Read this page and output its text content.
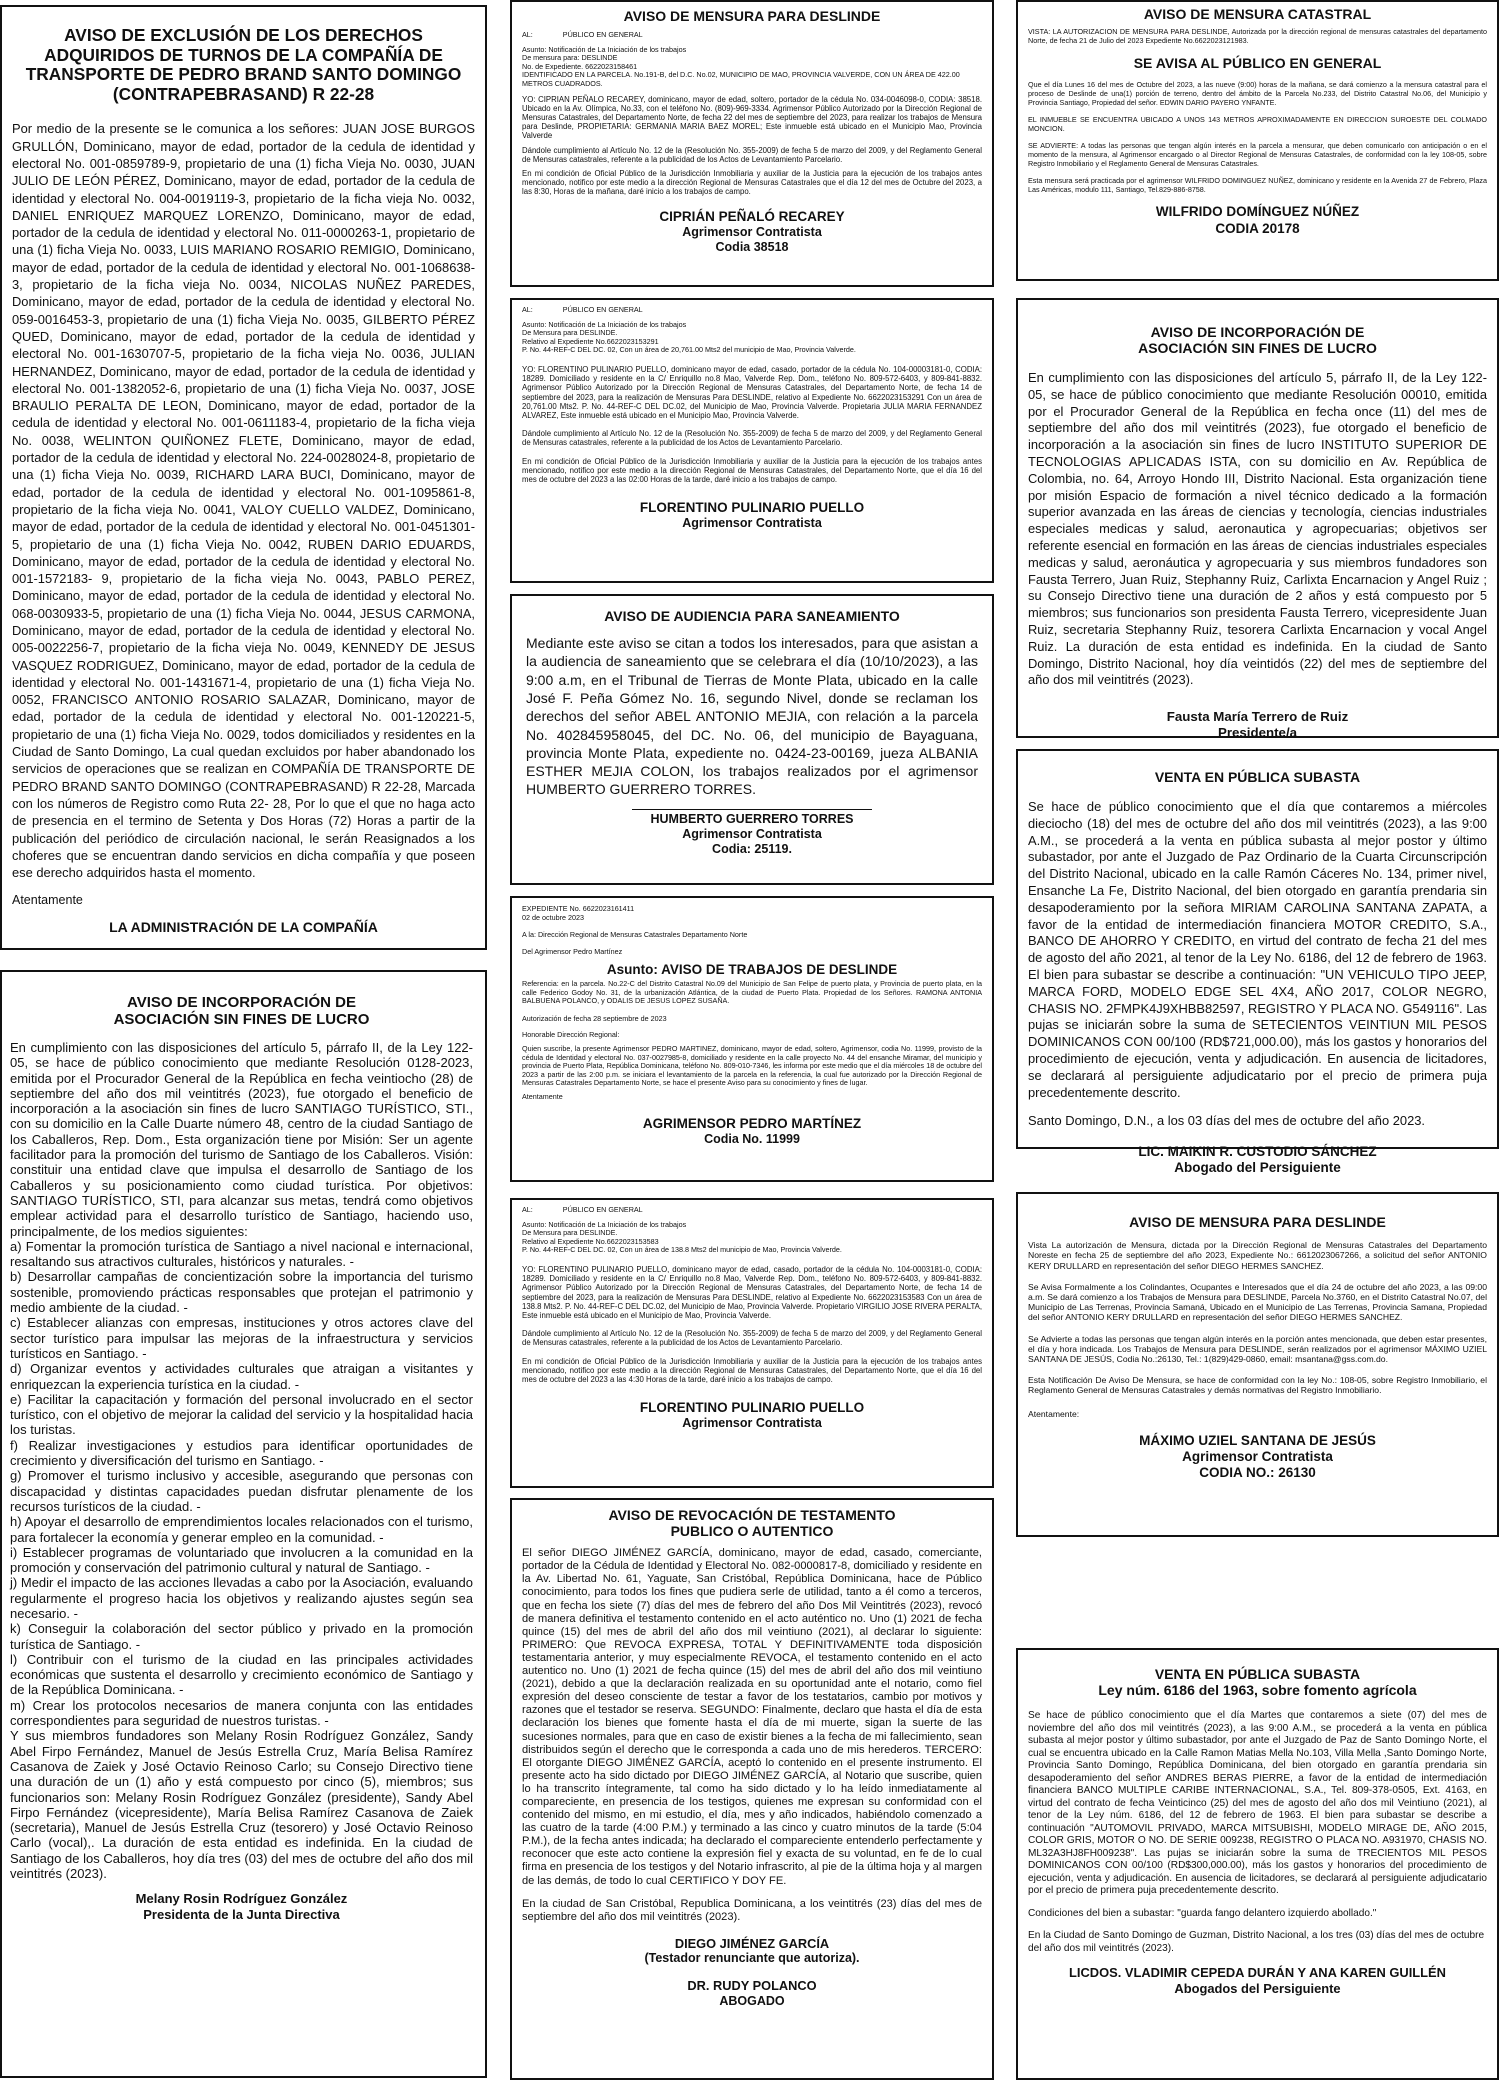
AVISO DE EXCLUSIÓN DE LOS DERECHOS ADQUIRIDOS DE TURNOS DE LA COMPAÑÍA DE TRANSPORTE DE PEDRO BRAND SANTO DOMINGO (CONTRAPEBRASAND) R 22-28
Por medio de la presente se le comunica a los señores: JUAN JOSE BURGOS GRULLÓN, Dominicano, mayor de edad, portador de la cedula de identidad y electoral No. 001-0859789-9, propietario de una (1) ficha Vieja No. 0030, JUAN JULIO DE LEÓN PÉREZ, Dominicano, mayor de edad, portador de la cedula de identidad y electoral No. 004-0019119-3, propietario de la ficha vieja No. 0032, DANIEL ENRIQUEZ MARQUEZ LORENZO, Dominicano, mayor de edad, portador de la cedula de identidad y electoral No. 011-0000263-1, propietario de una (1) ficha Vieja No. 0033, LUIS MARIANO ROSARIO REMIGIO, Dominicano, mayor de edad, portador de la cedula de identidad y electoral No. 001-1068638-3, propietario de la ficha vieja No. 0034, NICOLAS NUÑEZ PAREDES, Dominicano, mayor de edad, portador de la cedula de identidad y electoral No. 059-0016453-3, propietario de una (1) ficha Vieja No. 0035, GILBERTO PÉREZ QUED, Dominicano, mayor de edad, portador de la cedula de identidad y electoral No. 001-1630707-5, propietario de la ficha vieja No. 0036, JULIAN HERNANDEZ, Dominicano, mayor de edad, portador de la cedula de identidad y electoral No. 001-1382052-6, propietario de una (1) ficha Vieja No. 0037, JOSE BRAULIO PERALTA DE LEON, Dominicano, mayor de edad, portador de la cedula de identidad y electoral No. 001-0611183-4, propietario de la ficha vieja No. 0038, WELINTON QUIÑONEZ FLETE, Dominicano, mayor de edad, portador de la cedula de identidad y electoral No. 224-0028024-8, propietario de una (1) ficha Vieja No. 0039, RICHARD LARA BUCI, Dominicano, mayor de edad, portador de la cedula de identidad y electoral No. 001-1095861-8, propietario de la ficha vieja No. 0041, VALOY CUELLO VALDEZ, Dominicano, mayor de edad, portador de la cedula de identidad y electoral No. 001-0451301-5, propietario de una (1) ficha Vieja No. 0042, RUBEN DARIO EDUARDS, Dominicano, mayor de edad, portador de la cedula de identidad y electoral No. 001-1572183- 9, propietario de la ficha vieja No. 0043, PABLO PEREZ, Dominicano, mayor de edad, portador de la cedula de identidad y electoral No. 068-0030933-5, propietario de una (1) ficha Vieja No. 0044, JESUS CARMONA, Dominicano, mayor de edad, portador de la cedula de identidad y electoral No. 005-0022256-7, propietario de la ficha vieja No. 0049, KENNEDY DE JESUS VASQUEZ RODRIGUEZ, Dominicano, mayor de edad, portador de la cedula de identidad y electoral No. 001-1431671-4, propietario de una (1) ficha Vieja No. 0052, FRANCISCO ANTONIO ROSARIO SALAZAR, Dominicano, mayor de edad, portador de la cedula de identidad y electoral No. 001-120221-5, propietario de una (1) ficha Vieja No. 0029, todos domiciliados y residentes en la Ciudad de Santo Domingo, La cual quedan excluidos por haber abandonado los servicios de operaciones que se realizan en COMPAÑÍA DE TRANSPORTE DE PEDRO BRAND SANTO DOMINGO (CONTRAPEBRASAND) R 22-28, Marcada con los números de Registro como Ruta 22- 28, Por lo que el que no haga acto de presencia en el termino de Setenta y Dos Horas (72) Horas a partir de la publicación del periódico de circulación nacional, le serán Reasignados a los choferes que se encuentran dando servicios en dicha compañía y que poseen ese derecho adquiridos hasta el momento.
Atentamente
LA ADMINISTRACIÓN DE LA COMPAÑÍA
AVISO DE INCORPORACIÓN DE ASOCIACIÓN SIN FINES DE LUCRO
En cumplimiento con las disposiciones del artículo 5, párrafo II, de la Ley 122-05, se hace de público conocimiento que mediante Resolución 0128-2023, emitida por el Procurador General de la República en fecha veintiocho (28) de septiembre del año dos mil veintitrés (2023), fue otorgado el beneficio de incorporación a la asociación sin fines de lucro SANTIAGO TURÍSTICO, STI., con su domicilio en la Calle Duarte número 48, centro de la ciudad Santiago de los Caballeros, Rep. Dom., Esta organización tiene por Misión: Ser un agente facilitador para la promoción del turismo de Santiago de los Caballeros. Visión: constituir una entidad clave que impulsa el desarrollo de Santiago de los Caballeros y su posicionamiento como ciudad turística. Por objetivos: SANTIAGO TURÍSTICO, STI, para alcanzar sus metas, tendrá como objetivos emplear actividad para el desarrollo turístico de Santiago, haciendo uso, principalmente, de los medios siguientes:
a) Fomentar la promoción turística de Santiago a nivel nacional e internacional, resaltando sus atractivos culturales, históricos y naturales. -
b) Desarrollar campañas de concientización sobre la importancia del turismo sostenible, promoviendo prácticas responsables que protejan el patrimonio y medio ambiente de la ciudad. -
c) Establecer alianzas con empresas, instituciones y otros actores clave del sector turístico para impulsar las mejoras de la infraestructura y servicios turísticos en Santiago. -
d) Organizar eventos y actividades culturales que atraigan a visitantes y enriquezcan la experiencia turística en la ciudad. -
e) Facilitar la capacitación y formación del personal involucrado en el sector turístico, con el objetivo de mejorar la calidad del servicio y la hospitalidad hacia los turistas.
f) Realizar investigaciones y estudios para identificar oportunidades de crecimiento y diversificación del turismo en Santiago. -
g) Promover el turismo inclusivo y accesible, asegurando que personas con discapacidad y distintas capacidades puedan disfrutar plenamente de los recursos turísticos de la ciudad. -
h) Apoyar el desarrollo de emprendimientos locales relacionados con el turismo, para fortalecer la economía y generar empleo en la comunidad. -
i) Establecer programas de voluntariado que involucren a la comunidad en la promoción y conservación del patrimonio cultural y natural de Santiago. -
j) Medir el impacto de las acciones llevadas a cabo por la Asociación, evaluando regularmente el progreso hacia los objetivos y realizando ajustes según sea necesario. -
k) Conseguir la colaboración del sector público y privado en la promoción turística de Santiago. -
l) Contribuir con el turismo de la ciudad en las principales actividades económicas que sustenta el desarrollo y crecimiento económico de Santiago y de la República Dominicana. -
m) Crear los protocolos necesarios de manera conjunta con las entidades correspondientes para seguridad de nuestros turistas. -
Y sus miembros fundadores son Melany Rosin Rodríguez González, Sandy Abel Firpo Fernández, Manuel de Jesús Estrella Cruz, María Belisa Ramírez Casanova de Zaiek y José Octavio Reinoso Carlo; su Consejo Directivo tiene una duración de un (1) año y está compuesto por cinco (5), miembros; sus funcionarios son: Melany Rosin Rodríguez González (presidente), Sandy Abel Firpo Fernández (vicepresidente), María Belisa Ramírez Casanova de Zaiek (secretaria), Manuel de Jesús Estrella Cruz (tesorero) y José Octavio Reinoso Carlo (vocal),. La duración de esta entidad es indefinida. En la ciudad de Santiago de los Caballeros, hoy día tres (03) del mes de octubre del año dos mil veintitrés (2023).
Melany Rosin Rodríguez González
Presidenta de la Junta Directiva
AVISO DE MENSURA PARA DESLINDE
AL:	PÚBLICO EN GENERAL
Asunto: Notificación de La Iniciación de los trabajos
De mensura para: DESLINDE
No. de Expediente. 6622023158461
IDENTIFICADO EN LA PARCELA. No.191-B, del D.C. No.02, MUNICIPIO DE MAO, PROVINCIA VALVERDE, CON UN ÁREA DE 422.00 METROS CUADRADOS.
YO: CIPRIAN PEÑALO RECAREY, dominicano, mayor de edad, soltero, portador de la cédula No. 034-0046098-0, CODIA: 38518. Ubicado en la Av. Olímpica, No.33, con el teléfono No. (809)-969-3334. Agrimensor Público Autorizado por la Dirección Regional de Mensuras Catastrales, del Departamento Norte, de fecha 22 del mes de septiembre del 2023, para realizar los trabajos de Mensura para Deslinde, PROPIETARIA: GERMANIA MARIA BAEZ MOREL; Este inmueble está ubicado en el Municipio Mao, Provincia Valverde
Dándole cumplimiento al Artículo No. 12 de la (Resolución No. 355-2009) de fecha 5 de marzo del 2009, y del Reglamento General de Mensuras catastrales, referente a la publicidad de los Actos de Levantamiento Parcelario.
En mi condición de Oficial Público de la Jurisdicción Inmobiliaria y auxiliar de la Justicia para la ejecución de los trabajos antes mencionado, notifico por este medio a la dirección Regional de Mensuras Catastrales que el día 12 del mes de Octubre del 2023, a las 8:30, Horas de la mañana, daré inicio a los trabajos de campo.
CIPRIÁN PEÑALÓ RECAREY
Agrimensor Contratista
Codia 38518
AL:	PÚBLICO EN GENERAL
Asunto: Notificación de La Iniciación de los trabajos
De Mensura para DESLINDE.
Relativo al Expediente No.6622023153291
P. No. 44-REF-C DEL DC. 02, Con un área de 20,761.00 Mts2 del municipio de Mao, Provincia Valverde.
YO: FLORENTINO PULINARIO PUELLO, dominicano mayor de edad, casado, portador de la cédula No. 104-00003181-0, CODIA: 18289. Domiciliado y residente en la C/ Enriquillo no.8 Mao, Valverde Rep. Dom., teléfono No. 809-572-6403, y 809-841-8832. Agrimensor Público Autorizado por la Dirección Regional de Mensuras Catastrales, del Departamento Norte, de fecha 14 de septiembre del 2023, para la realización de Mensuras Para DESLINDE, relativo al Expediente No. 6622023153291 Con un área de 20,761.00 Mts2. P. No. 44-REF-C DEL DC.02, del Municipio de Mao, Provincia Valverde. Propietaria JULIA MARIA FERNANDEZ ALVAREZ, Este inmueble está ubicado en el Municipio Mao, Provincia Valverde.
Dándole cumplimiento al Artículo No. 12 de la (Resolución No. 355-2009) de fecha 5 de marzo del 2009, y del Reglamento General de Mensuras catastrales, referente a la publicidad de los Actos de Levantamiento Parcelario.
En mi condición de Oficial Público de la Jurisdicción Inmobiliaria y auxiliar de la Justicia para la ejecución de los trabajos antes mencionado, notifico por este medio a la dirección Regional de Mensuras Catastrales, del Departamento Norte, que el día 16 del mes de octubre del 2023 a las 02:00 Horas de la tarde, daré inicio a los trabajos de campo.
FLORENTINO PULINARIO PUELLO
Agrimensor Contratista
AVISO DE AUDIENCIA PARA SANEAMIENTO
Mediante este aviso se citan a todos los interesados, para que asistan a la audiencia de saneamiento que se celebrara el día (10/10/2023), a las 9:00 a.m, en el Tribunal de Tierras de Monte Plata, ubicado en la calle José F. Peña Gómez No. 16, segundo Nivel, donde se reclaman los derechos del señor ABEL ANTONIO MEJIA, con relación a la parcela No. 402845958045, del DC. No. 06, del municipio de Bayaguana, provincia Monte Plata, expediente no. 0424-23-00169, jueza ALBANIA ESTHER MEJIA COLON, los trabajos realizados por el agrimensor HUMBERTO GUERRERO TORRES.
HUMBERTO GUERRERO TORRES
Agrimensor Contratista
Codia: 25119.
EXPEDIENTE No. 6622023161411
02 de octubre 2023

A la: Dirección Regional de Mensuras Catastrales Departamento Norte

Del Agrimensor Pedro Martínez
Asunto: AVISO DE TRABAJOS DE DESLINDE
Referencia: en la parcela. No.22-C del Distrito Catastral No.09 del Municipio de San Felipe de puerto plata, y Provincia de puerto plata, en la calle Federico Godoy No. 31, de la urbanización Atlántica, de la ciudad de Puerto Plata. Propiedad de los Señores. RAMONA ANTONIA BALBUENA POLANCO, y ODALIS DE JESUS LOPEZ SUSAÑA.
Autorización de fecha 28 septiembre de 2023
Honorable Dirección Regional:
Quien suscribe, la presente Agrimensor PEDRO MARTINEZ, dominicano, mayor de edad, soltero, Agrimensor, codia No. 11999, provisto de la cédula de Identidad y electoral No. 037-0027985-8, domiciliado y residente en la calle proyecto No. 44 del ensanche Miramar, del municipio y provincia de Puerto Plata, República Dominicana, teléfono No. 809-010-7346, les informa por este medio que el día miércoles 18 de octubre del 2023 a partir de las 2:00 p.m. se iniciara el levantamiento de la parcela en la referencia, la cual fue autorizado por la Dirección Regional de Mensuras Catastrales Departamento Norte, se hace el presente Aviso para su conocimiento y fines de lugar.
Atentamente
AGRIMENSOR PEDRO MARTÍNEZ
Codia No. 11999
AL:	PÚBLICO EN GENERAL
Asunto: Notificación de La Iniciación de los trabajos
De Mensura para DESLINDE.
Relativo al Expediente No.6622023153583
P. No. 44-REF-C DEL DC. 02, Con un área de 138.8 Mts2 del municipio de Mao, Provincia Valverde.
YO: FLORENTINO PULINARIO PUELLO, dominicano mayor de edad, casado, portador de la cédula No. 104-0003181-0, CODIA: 18289. Domiciliado y residente en la C/ Enriquillo no.8 Mao, Valverde Rep. Dom., teléfono No. 809-572-6403, y 809-841-8832. Agrimensor Público Autorizado por la Dirección Regional de Mensuras Catastrales, del Departamento Norte, de fecha 14 de septiembre del 2023, para la realización de Mensuras Para DESLINDE, relativo al Expediente No. 6622023153583 Con un área de 138.8 Mts2. P. No. 44-REF-C DEL DC.02, del Municipio de Mao, Provincia Valverde. Propietario VIRGILIO JOSE RIVERA PERALTA, Este inmueble está ubicado en el Municipio de Mao, Provincia Valverde.
Dándole cumplimiento al Artículo No. 12 de la (Resolución No. 355-2009) de fecha 5 de marzo del 2009, y del Reglamento General de Mensuras catastrales, referente a la publicidad de los Actos de Levantamiento Parcelario.
En mi condición de Oficial Público de la Jurisdicción Inmobiliaria y auxiliar de la Justicia para la ejecución de los trabajos antes mencionado, notifico por este medio a la dirección Regional de Mensuras Catastrales, del Departamento Norte, que el día 16 del mes de octubre del 2023 a las 4:30 Horas de la tarde, daré inicio a los trabajos de campo.
FLORENTINO PULINARIO PUELLO
Agrimensor Contratista
AVISO DE REVOCACIÓN DE TESTAMENTO
PUBLICO O AUTENTICO
El señor DIEGO JIMÉNEZ GARCÍA, dominicano, mayor de edad, casado, comerciante, portador de la Cédula de Identidad y Electoral No. 082-0000817-8, domiciliado y residente en la Av. Libertad No. 61, Yaguate, San Cristóbal, República Dominicana, hace de Público conocimiento, para todos los fines que pudiera serle de utilidad, tanto a él como a terceros, que en fecha los siete (7) días del mes de febrero del año Dos Mil Veintitrés (2023), revocó de manera definitiva el testamento contenido en el acto auténtico no. Uno (1) 2021 de fecha quince (15) del mes de abril del año dos mil veintiuno (2021), al declarar lo siguiente: PRIMERO: Que REVOCA EXPRESA, TOTAL Y DEFINITIVAMENTE toda disposición testamentaria anterior, y muy especialmente REVOCA, el testamento contenido en el acto autentico no. Uno (1) 2021 de fecha quince (15) del mes de abril del año dos mil veintiuno (2021), debido a que la declaración realizada en su oportunidad ante el notario, como fiel expresión del deseo consciente de testar a favor de los testatarios, cambio por motivos y razones que el testador se reserva. SEGUNDO: Finalmente, declaro que hasta el día de esta declaración los bienes que fomente hasta el día de mi muerte, sigan la suerte de las sucesiones normales, para que en caso de existir bienes a la fecha de mi fallecimiento, sean distribuidos según el derecho que le corresponda a cada uno de mis herederos. TERCERO: El otorgante DIEGO JIMÉNEZ GARCÍA, aceptó lo contenido en el presente instrumento. El presente acto ha sido dictado por DIEGO JIMÉNEZ GARCÍA, al Notario que suscribe, quien lo ha transcrito íntegramente, tal como ha sido dictado y lo ha leído inmediatamente al compareciente, en presencia de los testigos, quienes me expresan su conformidad con el contenido del mismo, en mi estudio, el día, mes y año indicados, habiéndolo comenzado a las cuatro de la tarde (4:00 P.M.) y terminado a las cinco y cuatro minutos de la tarde (5:04 P.M.), de la fecha antes indicada; ha declarado el compareciente entenderlo perfectamente y reconocer que este acto contiene la expresión fiel y exacta de su voluntad, en fe de lo cual firma en presencia de los testigos y del Notario infrascrito, al pie de la última hoja y al margen de las demás, de todo lo cual CERTIFICO Y DOY FE.
En la ciudad de San Cristóbal, Republica Dominicana, a los veintitrés (23) días del mes de septiembre del año dos mil veintitrés (2023).
DIEGO JIMÉNEZ GARCÍA
(Testador renunciante que autoriza).
DR. RUDY POLANCO
ABOGADO
AVISO DE MENSURA CATASTRAL
VISTA: LA AUTORIZACION DE MENSURA PARA DESLINDE, Autorizada por la dirección regional de mensuras catastrales del departamento Norte, de fecha 21 de Julio del 2023 Expediente No.6622023121983.
SE AVISA AL PÚBLICO EN GENERAL
Que el día Lunes 16 del mes de Octubre del 2023, a las nueve (9:00) horas de la mañana, se dará comienzo a la mensura catastral para el proceso de Deslinde de una(1) porción de terreno, dentro del ámbito de la Parcela No.233, del Distrito Catastral No.06, del Municipio y Provincia Santiago, Propiedad del señor. EDWIN DARIO PAYERO YNFANTE.
EL INMUEBLE SE ENCUENTRA UBICADO A UNOS 143 METROS APROXIMADAMENTE EN DIRECCION SUROESTE DEL COLMADO MONCION.
SE ADVIERTE: A todas las personas que tengan algún interés en la parcela a mensurar, que deben comunicarlo con anticipación o en el momento de la mensura, al Agrimensor encargado o al Director Regional de Mensuras Catastrales, de conformidad con la ley 108-05, sobre Registro Inmobiliario y el Reglamento General de Mensuras Catastrales.
Esta mensura será practicada por el agrimensor WILFRIDO DOMINGUEZ NUÑEZ, dominicano y residente en la Avenida 27 de Febrero, Plaza Las Américas, modulo 111, Santiago, Tel.829-886-8758.
WILFRIDO DOMÍNGUEZ NÚÑEZ
CODIA 20178
AVISO DE INCORPORACIÓN DE ASOCIACIÓN SIN FINES DE LUCRO
En cumplimiento con las disposiciones del artículo 5, párrafo II, de la Ley 122-05, se hace de público conocimiento que mediante Resolución 00010, emitida por el Procurador General de la República en fecha once (11) del mes de septiembre del año dos mil veintitrés (2023), fue otorgado el beneficio de incorporación a la asociación sin fines de lucro INSTITUTO SUPERIOR DE TECNOLOGIAS APLICADAS ISTA, con su domicilio en Av. República de Colombia, no. 64, Arroyo Hondo III, Distrito Nacional. Esta organización tiene por misión Espacio de formación a nivel técnico dedicado a la formación superior avanzada en las áreas de ciencias y tecnología, ciencias industriales especiales medicas y salud, aeronautica y agropecuarias; objetivos ser referente esencial en formación en las áreas de ciencias industriales especiales medicas y salud, aeronáutica y agropecuaria y sus miembros fundadores son Fausta Terrero, Juan Ruiz, Stephanny Ruiz, Carlixta Encarnacion y Angel Ruiz ; su Consejo Directivo tiene una duración de 2 años y está compuesto por 5 miembros; sus funcionarios son presidenta Fausta Terrero, vicepresidente Juan Ruiz, secretaria Stephanny Ruiz, tesorera Carlixta Encarnacion y vocal Angel Ruiz. La duración de esta entidad es indefinida. En la ciudad de Santo Domingo, Distrito Nacional, hoy día veintidós (22) del mes de septiembre del año dos mil veintitrés (2023).
Fausta María Terrero de Ruiz
Presidente/a
VENTA EN PÚBLICA SUBASTA
Se hace de público conocimiento que el día que contaremos a miércoles dieciocho (18) del mes de octubre del año dos mil veintitrés (2023), a las 9:00 A.M., se procederá a la venta en pública subasta al mejor postor y último subastador, por ante el Juzgado de Paz Ordinario de la Cuarta Circunscripción del Distrito Nacional, ubicado en la calle Ramón Cáceres No. 134, primer nivel, Ensanche La Fe, Distrito Nacional, del bien otorgado en garantía prendaria sin desapoderamiento por la señora MIRIAM CAROLINA SANTANA ZAPATA, a favor de la entidad de intermediación financiera MOTOR CREDITO, S.A., BANCO DE AHORRO Y CREDITO, en virtud del contrato de fecha 21 del mes de agosto del año 2021, al tenor de la Ley No. 6186, del 12 de febrero de 1963. El bien para subastar se describe a continuación: "UN VEHICULO TIPO JEEP, MARCA FORD, MODELO EDGE SEL 4X4, AÑO 2017, COLOR NEGRO, CHASIS NO. 2FMPK4J9XHBB82597, REGISTRO Y PLACA NO. G549116". Las pujas se iniciarán sobre la suma de SETECIENTOS VEINTIUN MIL PESOS DOMINICANOS CON 00/100 (RD$721,000.00), más los gastos y honorarios del procedimiento de ejecución, venta y adjudicación. En ausencia de licitadores, se declarará al persiguiente adjudicatario por el precio de primera puja precedentemente descrito.
Santo Domingo, D.N., a los 03 días del mes de octubre del año 2023.
LIC. MAIKIN R. CUSTODIO SÁNCHEZ
Abogado del Persiguiente
AVISO DE MENSURA PARA DESLINDE
Vista La autorización de Mensura, dictada por la Dirección Regional de Mensuras Catastrales del Departamento Noreste en fecha 25 de septiembre del año 2023, Expediente No.: 6612023067266, a solicitud del señor ANTONIO KERY DRULLARD en representación del señor DIEGO HERMES SANCHEZ.
Se Avisa Formalmente a los Colindantes, Ocupantes e Interesados que el día 24 de octubre del año 2023, a las 09:00 a.m. Se dará comienzo a los Trabajos de Mensura para DESLINDE, Parcela No.3760, en el Distrito Catastral No.07, del Municipio de Las Terrenas, Provincia Samaná, Ubicado en el Municipio de Las Terrenas, Provincia Samana, Propiedad del señor ANTONIO KERY DRULLARD en representación del señor DIEGO HERMES SANCHEZ.
Se Advierte a todas las personas que tengan algún interés en la porción antes mencionada, que deben estar presentes, el día y hora indicada. Los Trabajos de Mensura para DESLINDE, serán realizados por el agrimensor MÁXIMO UZIEL SANTANA DE JESÚS, Codia No.:26130, Tel.: 1(829)429-0860, email: msantana@gss.com.do.
Esta Notificación De Aviso De Mensura, se hace de conformidad con la ley No.: 108-05, sobre Registro Inmobiliario, el Reglamento General de Mensuras Catastrales y demás normativas del Registro Inmobiliario.
Atentamente:
MÁXIMO UZIEL SANTANA DE JESÚS
Agrimensor Contratista
CODIA NO.: 26130
VENTA EN PÚBLICA SUBASTA
Ley núm. 6186 del 1963, sobre fomento agrícola
Se hace de público conocimiento que el día Martes que contaremos a siete (07) del mes de noviembre del año dos mil veintitrés (2023), a las 9:00 A.M., se procederá a la venta en pública subasta al mejor postor y último subastador, por ante el Juzgado de Paz de Santo Domingo Norte, el cual se encuentra ubicado en la Calle Ramon Matias Mella No.103, Villa Mella ,Santo Domingo Norte, Provincia Santo Domingo, República Dominicana, del bien otorgado en garantía prendaria sin desapoderamiento del señor ANDRES BERAS PIERRE, a favor de la entidad de intermediación financiera BANCO MULTIPLE CARIBE INTERNACIONAL, S.A., Tel. 809-378-0505, Ext. 4163, en virtud del contrato de fecha Veinticinco (25) del mes de agosto del año dos mil Veintiuno (2021), al tenor de la Ley núm. 6186, del 12 de febrero de 1963. El bien para subastar se describe a continuación "AUTOMOVIL PRIVADO, MARCA MITSUBISHI, MODELO MIRAGE DE, AÑO 2015, COLOR GRIS, MOTOR O NO. DE SERIE 009238, REGISTRO O PLACA NO. A931970, CHASIS NO. ML32A3HJ8FH009238". Las pujas se iniciarán sobre la suma de TRECIENTOS MIL PESOS DOMINICANOS CON 00/100 (RD$300,000.00), más los gastos y honorarios del procedimiento de ejecución, venta y adjudicación. En ausencia de licitadores, se declarará al persiguiente adjudicatario por el precio de primera puja precedentemente descrito.
Condiciones del bien a subastar: "guarda fango delantero izquierdo abollado."
En la Ciudad de Santo Domingo de Guzman, Distrito Nacional, a los tres (03) días del mes de octubre del año dos mil veintitrés (2023).
LICDOS. VLADIMIR CEPEDA DURÁN Y ANA KAREN GUILLÉN
Abogados del Persiguiente
